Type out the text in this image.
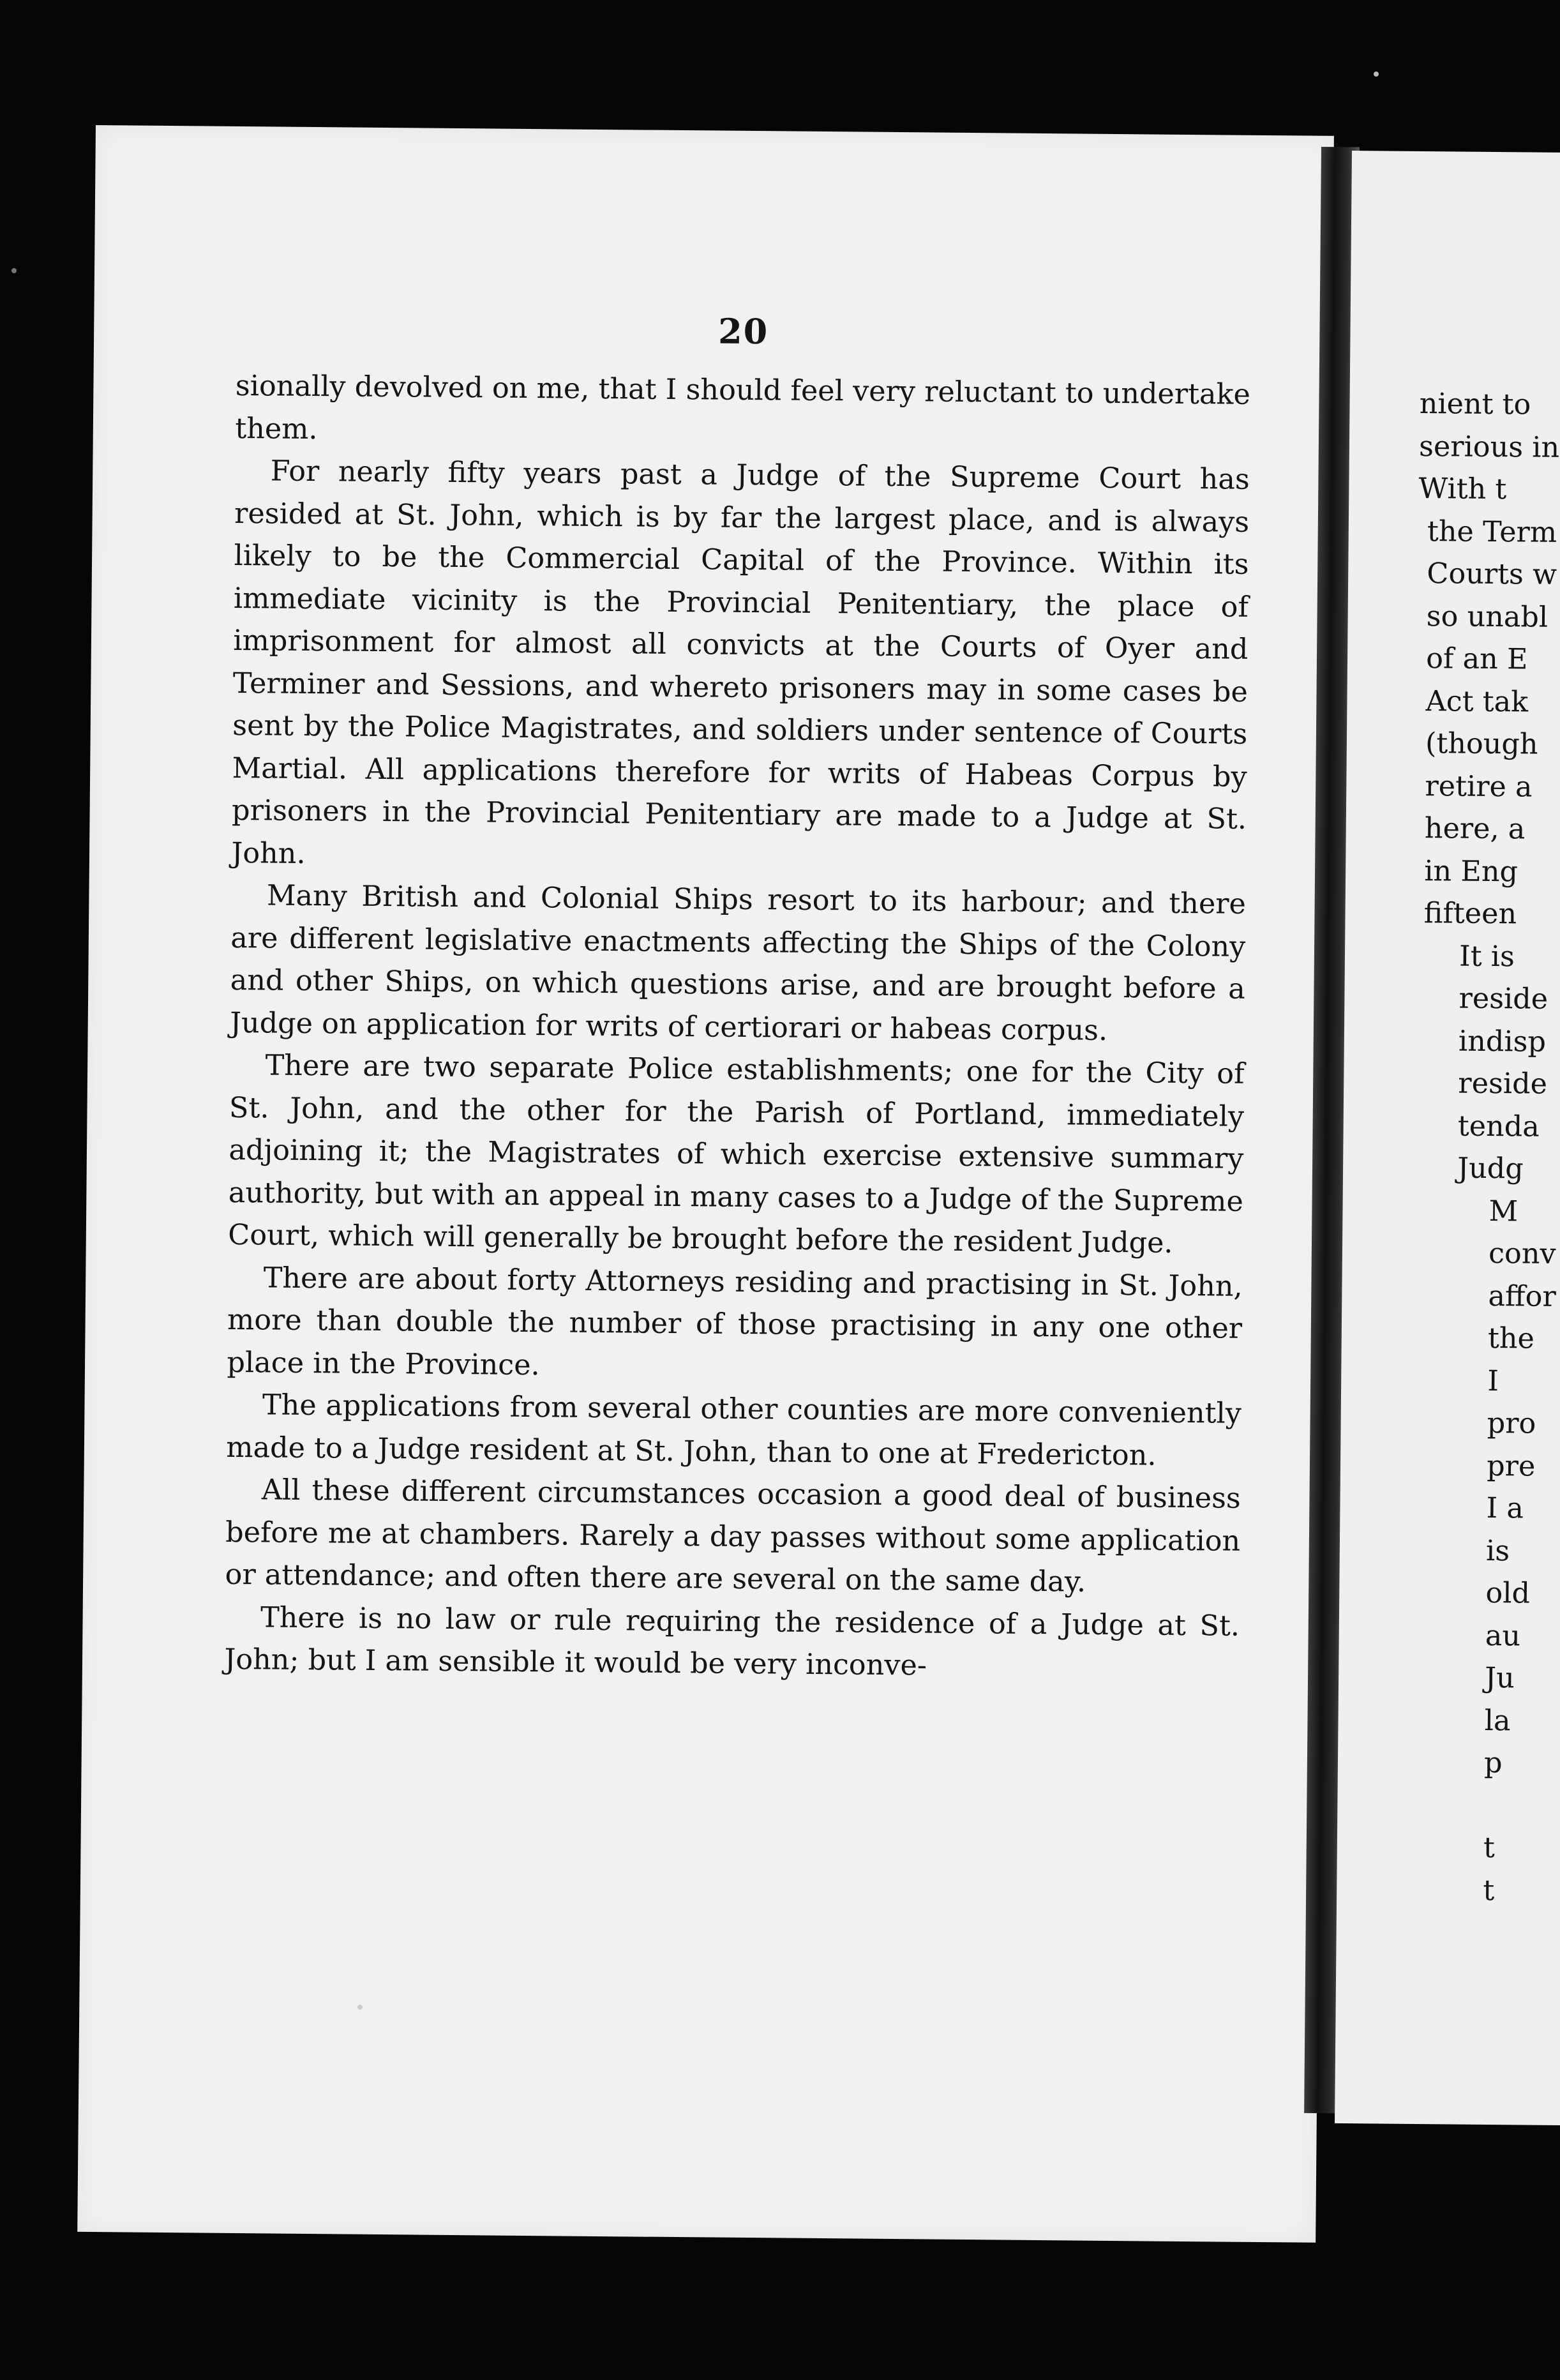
20

sionally devolved on me, that I should feel very reluctant to undertake them.

For nearly fifty years past a Judge of the Supreme Court has resided at St. John, which is by far the largest place, and is always likely to be the Commercial Capital of the Province. Within its immediate vicinity is the Provincial Penitentiary, the place of imprisonment for almost all convicts at the Courts of Oyer and Terminer and Sessions, and whereto prisoners may in some cases be sent by the Police Magistrates, and soldiers under sentence of Courts Martial. All applications therefore for writs of Habeas Corpus by prisoners in the Provincial Penitentiary are made to a Judge at St. John.

Many British and Colonial Ships resort to its harbour; and there are different legislative enactments affecting the Ships of the Colony and other Ships, on which questions arise, and are brought before a Judge on application for writs of certiorari or habeas corpus.

There are two separate Police establishments; one for the City of St. John, and the other for the Parish of Portland, immediately adjoining it; the Magistrates of which exercise extensive summary authority, but with an appeal in many cases to a Judge of the Supreme Court, which will generally be brought before the resident Judge.

There are about forty Attorneys residing and practising in St. John, more than double the number of those practising in any one other place in the Province.

The applications from several other counties are more conveniently made to a Judge resident at St. John, than to one at Fredericton.

All these different circumstances occasion a good deal of business before me at chambers. Rarely a day passes without some application or attendance; and often there are several on the same day.

There is no law or rule requiring the residence of a Judge at St. John; but I am sensible it would be very inconve-

nient to
serious in
With t
the Term
Courts w
so unabl
of an E
Act tak
(though
retire a
here, a
in Eng
fifteen
It is
reside
indisp
reside
tenda
Judg
M
conv
affor
the
I
pro
pre
I a
is
old
au
Ju
la
p
t
t
